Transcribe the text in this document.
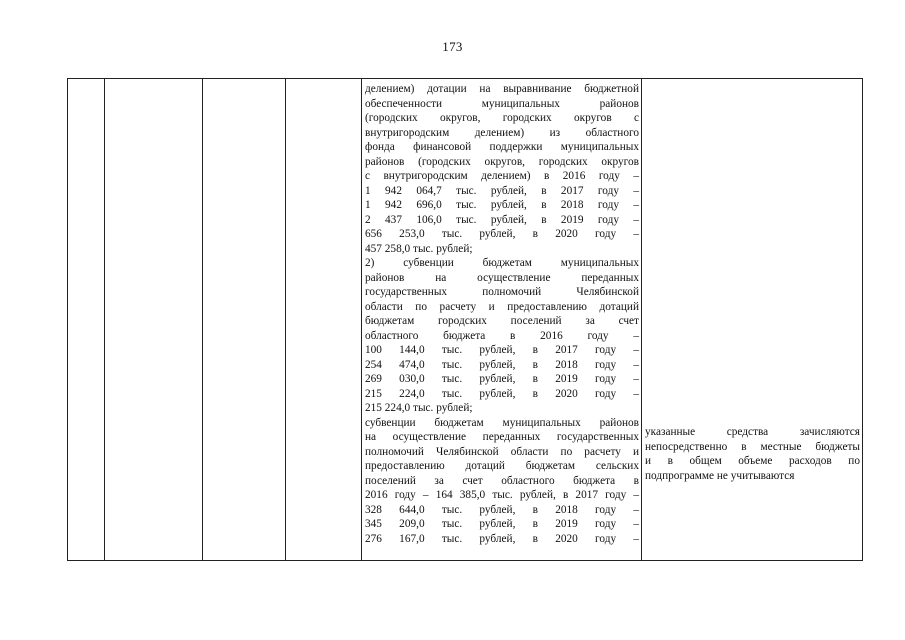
173

делением) дотации на выравнивание бюджетной
обеспеченности муниципальных районов
(городских округов, городских округов с
внутригородским делением) из областного
фонда финансовой поддержки муниципальных
районов (городских округов, городских округов
с внутригородским делением) в 2016 году –
1 942 064,7 тыс. рублей, в 2017 году –
1 942 696,0 тыс. рублей, в 2018 году –
2 437 106,0 тыс. рублей, в 2019 году –
656 253,0 тыс. рублей, в 2020 году –
457 258,0 тыс. рублей;

2) субвенции бюджетам муниципальных
районов на осуществление переданных
государственных полномочий Челябинской
области по расчету и предоставлению дотаций
бюджетам городских поселений за счет
областного бюджета в 2016 году –
100 144,0 тыс. рублей, в 2017 году –
254 474,0 тыс. рублей, в 2018 году –
269 030,0 тыс. рублей, в 2019 году –
215 224,0 тыс. рублей, в 2020 году –
215 224,0 тыс. рублей;

субвенции бюджетам муниципальных районов
на осуществление переданных государственных
полномочий Челябинской области по расчету и
предоставлению дотаций бюджетам сельских
поселений за счет областного бюджета в
2016 году – 164 385,0 тыс. рублей, в 2017 году –
328 644,0 тыс. рублей, в 2018 году –
345 209,0 тыс. рублей, в 2019 году –
276 167,0 тыс. рублей, в 2020 году –

указанные средства зачисляются
непосредственно в местные бюджеты
и в общем объеме расходов по
подпрограмме не учитываются
